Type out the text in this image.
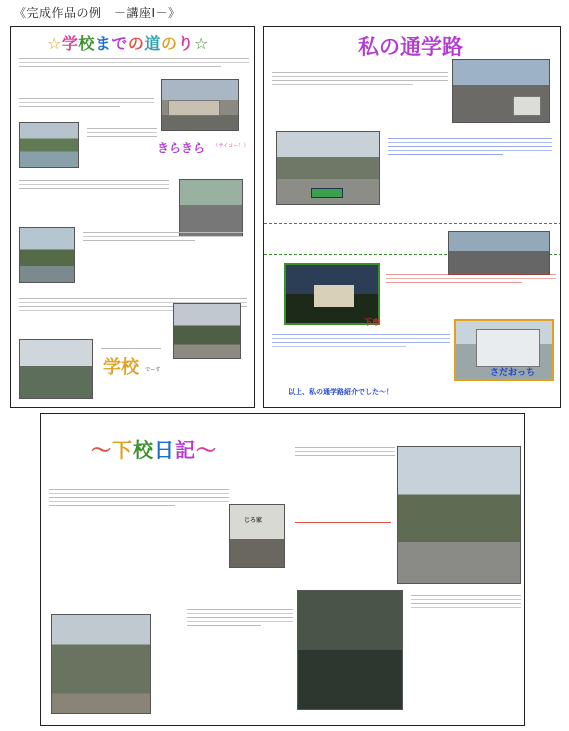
《完成作品の例　－講座Ⅰ－》
☆学校までの道のり☆
きらきら （サイコー！）
学校 でーす
私の通学路
下車
さだおっち
以上、私の通学路紹介でした～！
～下校日記～
じろ家
